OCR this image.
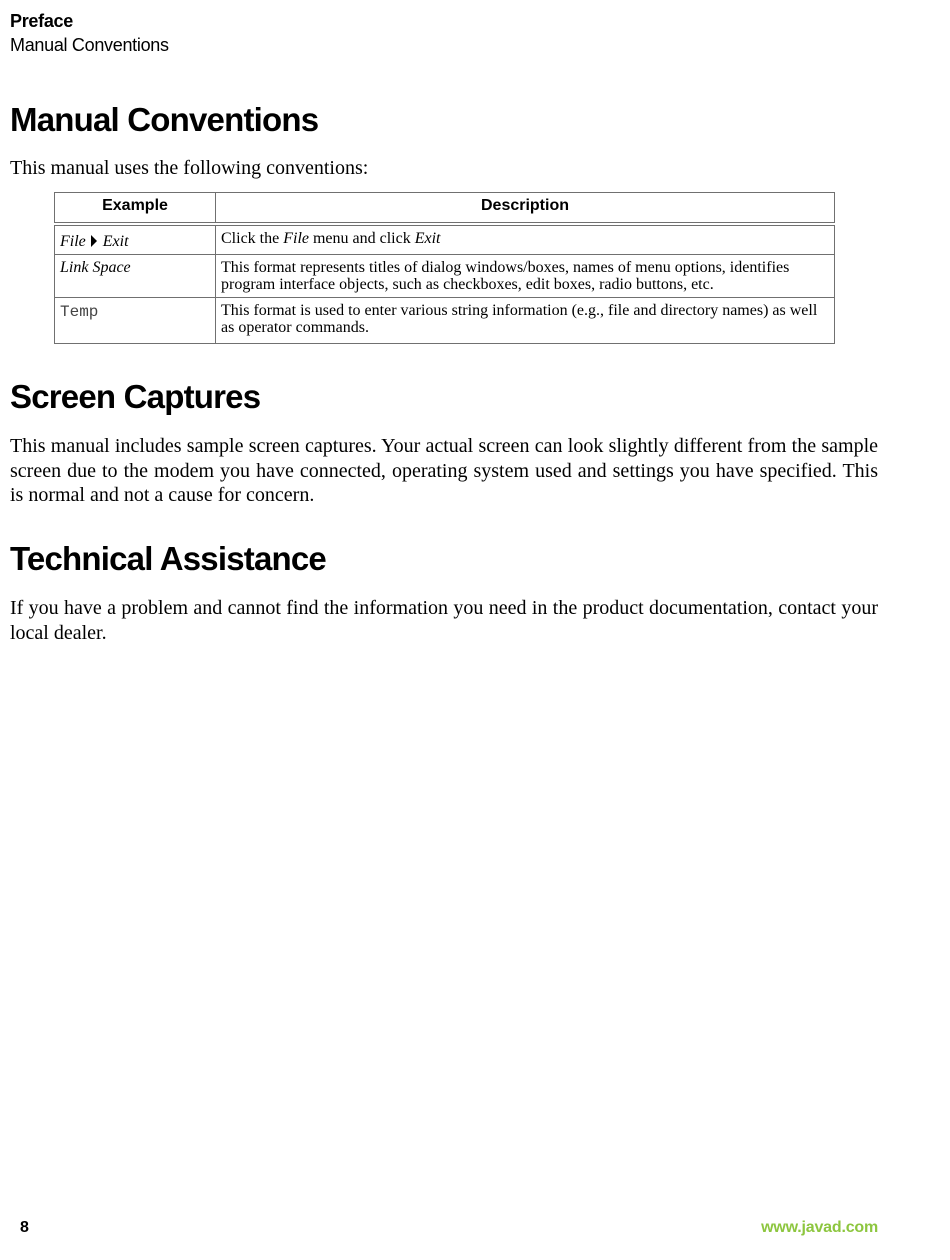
Preface
Manual Conventions
Manual Conventions

This manual uses the following conventions:

Example	Description
File Exit	Click the File menu and click Exit
Link Space	This format represents titles of dialog windows/boxes, names of menu options, identifies program interface objects, such as checkboxes, edit boxes, radio buttons, etc.
Temp	This format is used to enter various string information (e.g., file and directory names) as well as operator commands.
Screen Captures

This manual includes sample screen captures. Your actual screen can look slightly different from the sample screen due to the modem you have connected, operating system used and settings you have specified. This is normal and not a cause for concern.

Technical Assistance

If you have a problem and cannot find the information you need in the product documentation, contact your local dealer.

8	www.javad.com
